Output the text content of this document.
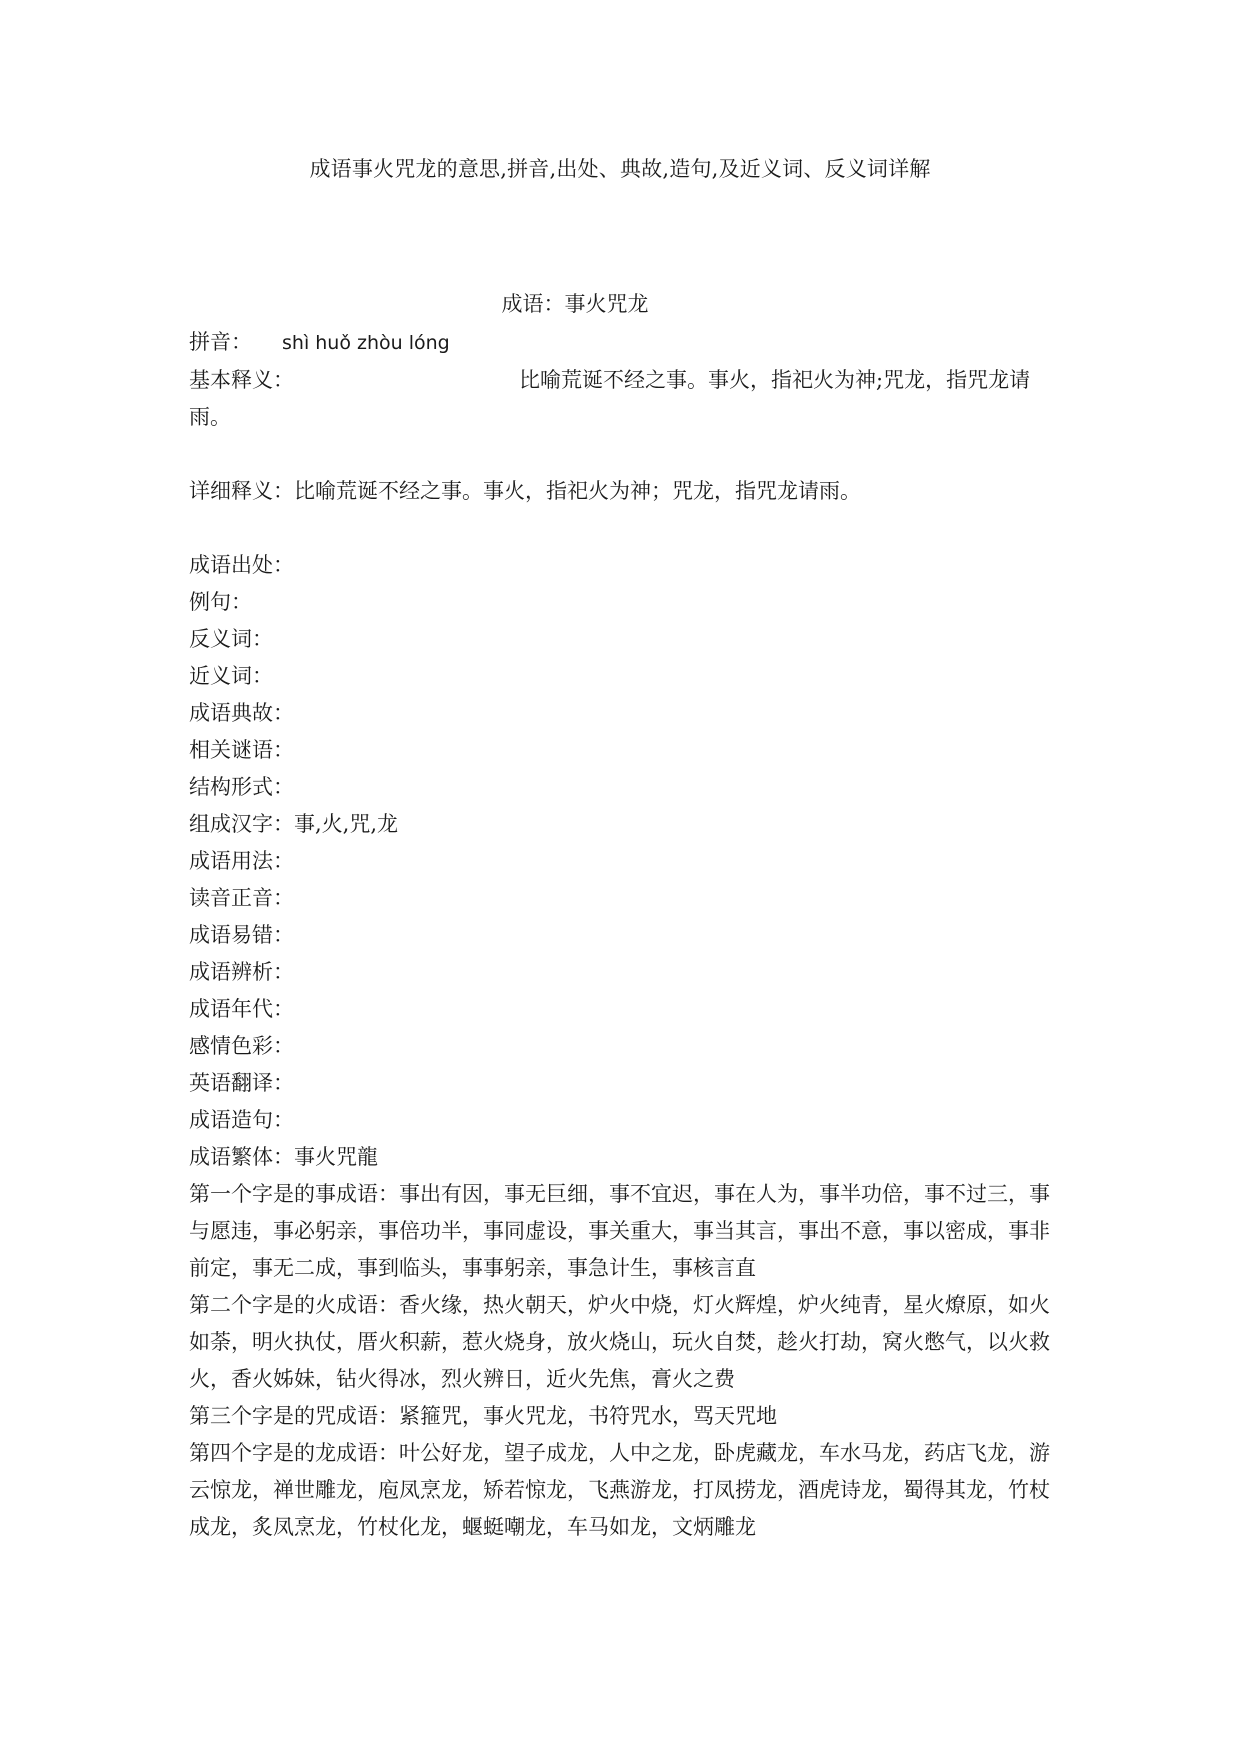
成语事火咒龙的意思,拼音,出处、典故,造句,及近义词、反义词详解
成语：事火咒龙

拼音： shì huǒ zhòu lóng

基本释义：	比喻荒诞不经之事。事火，指祀火为神;咒龙，指咒龙请雨。

详细释义：比喻荒诞不经之事。事火，指祀火为神；咒龙，指咒龙请雨。

成语出处：

例句：

反义词：

近义词：

成语典故：

相关谜语：

结构形式：

组成汉字：事,火,咒,龙

成语用法：

读音正音：

成语易错：

成语辨析：

成语年代：

感情色彩：

英语翻译：

成语造句：

成语繁体：事火咒龍

第一个字是的事成语：事出有因，事无巨细，事不宜迟，事在人为，事半功倍，事不过三，事与愿违，事必躬亲，事倍功半，事同虚设，事关重大，事当其言，事出不意，事以密成，事非前定，事无二成，事到临头，事事躬亲，事急计生，事核言直

第二个字是的火成语：香火缘，热火朝天，炉火中烧，灯火辉煌，炉火纯青，星火燎原，如火如荼，明火执仗，厝火积薪，惹火烧身，放火烧山，玩火自焚，趁火打劫，窝火憋气，以火救火，香火姊妹，钻火得冰，烈火辨日，近火先焦，膏火之费

第三个字是的咒成语：紧箍咒，事火咒龙，书符咒水，骂天咒地

第四个字是的龙成语：叶公好龙，望子成龙，人中之龙，卧虎藏龙，车水马龙，药店飞龙，游云惊龙，禅世雕龙，庖凤烹龙，矫若惊龙，飞燕游龙，打凤捞龙，酒虎诗龙，蜀得其龙，竹杖成龙，炙凤烹龙，竹杖化龙，蝘蜓嘲龙，车马如龙，文炳雕龙
